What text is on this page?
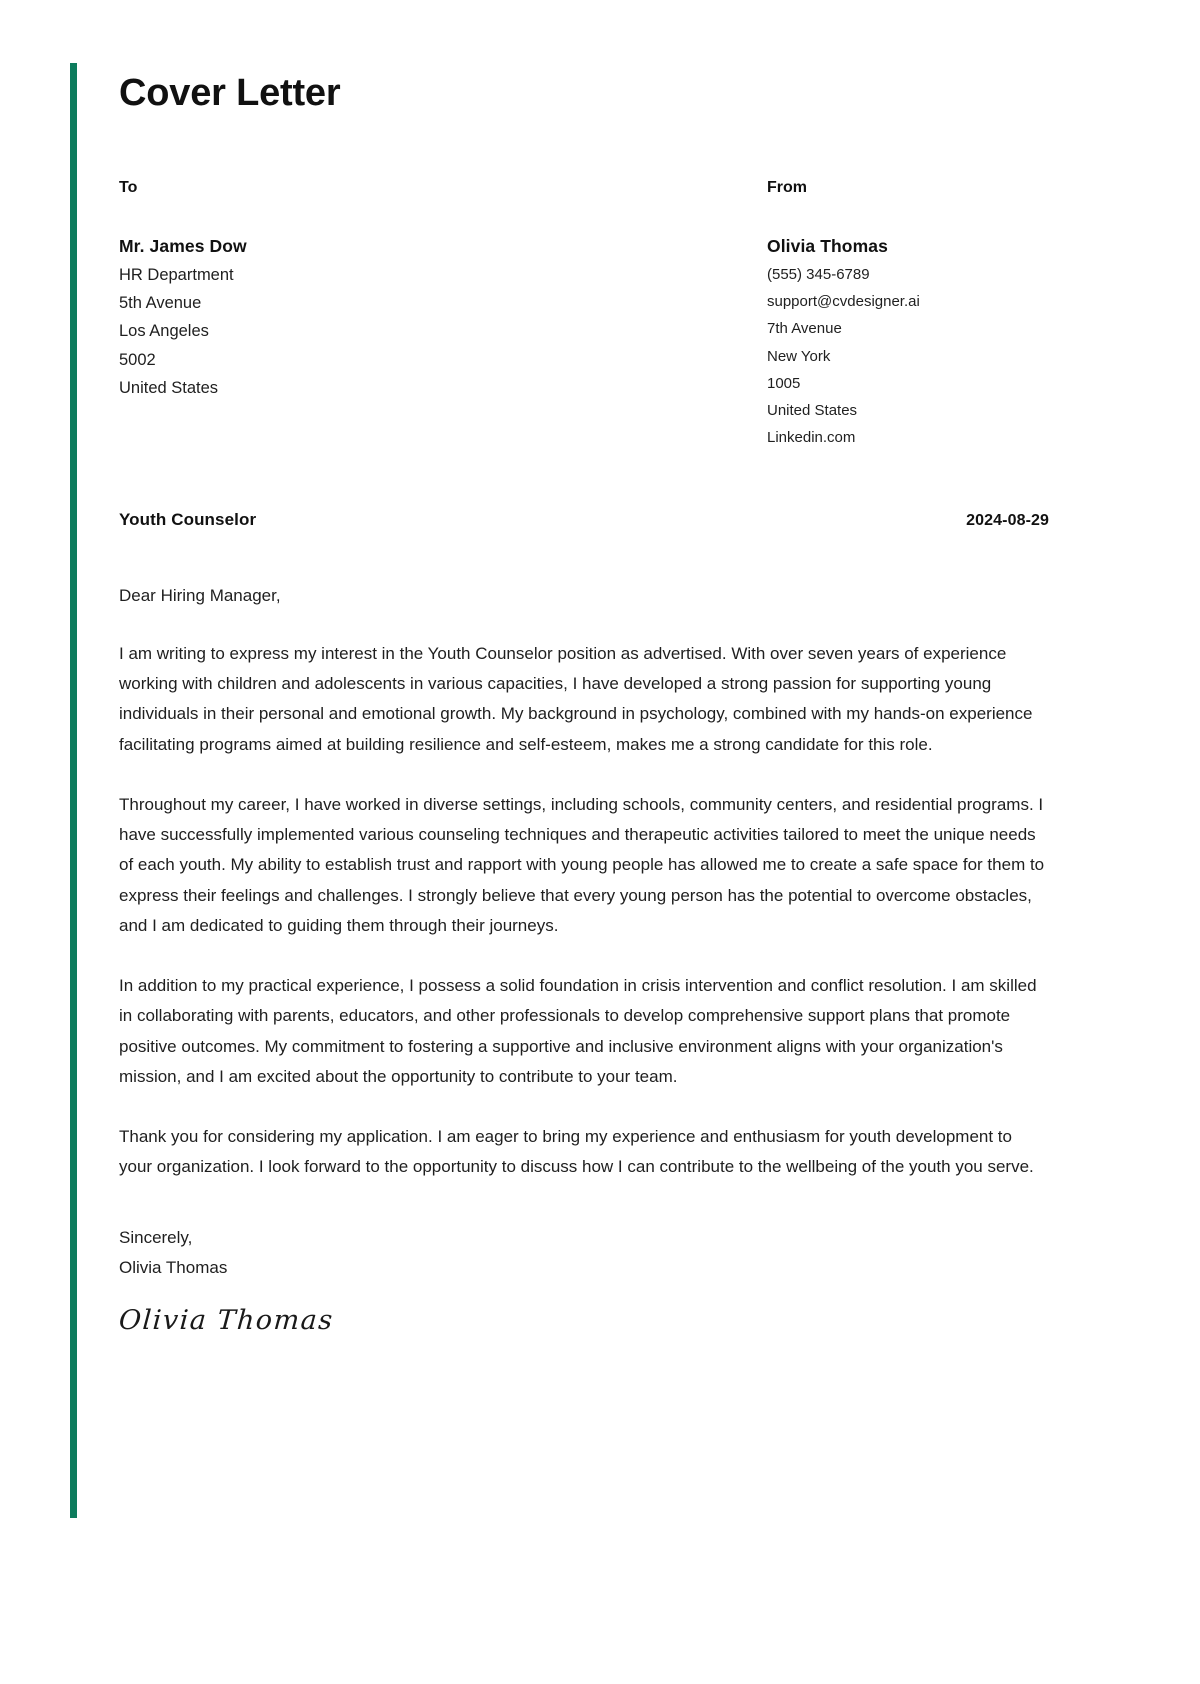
Cover Letter
To
Mr. James Dow
HR Department
5th Avenue
Los Angeles
5002
United States
From
Olivia Thomas
(555) 345-6789
support@cvdesigner.ai
7th Avenue
New York
1005
United States
Linkedin.com
Youth Counselor	2024-08-29
Dear Hiring Manager,

I am writing to express my interest in the Youth Counselor position as advertised. With over seven years of experience working with children and adolescents in various capacities, I have developed a strong passion for supporting young individuals in their personal and emotional growth. My background in psychology, combined with my hands-on experience facilitating programs aimed at building resilience and self-esteem, makes me a strong candidate for this role.

Throughout my career, I have worked in diverse settings, including schools, community centers, and residential programs. I have successfully implemented various counseling techniques and therapeutic activities tailored to meet the unique needs of each youth. My ability to establish trust and rapport with young people has allowed me to create a safe space for them to express their feelings and challenges. I strongly believe that every young person has the potential to overcome obstacles, and I am dedicated to guiding them through their journeys.

In addition to my practical experience, I possess a solid foundation in crisis intervention and conflict resolution. I am skilled in collaborating with parents, educators, and other professionals to develop comprehensive support plans that promote positive outcomes. My commitment to fostering a supportive and inclusive environment aligns with your organization's mission, and I am excited about the opportunity to contribute to your team.

Thank you for considering my application. I am eager to bring my experience and enthusiasm for youth development to your organization. I look forward to the opportunity to discuss how I can contribute to the wellbeing of the youth you serve.

Sincerely,
Olivia Thomas
Olivia Thomas
